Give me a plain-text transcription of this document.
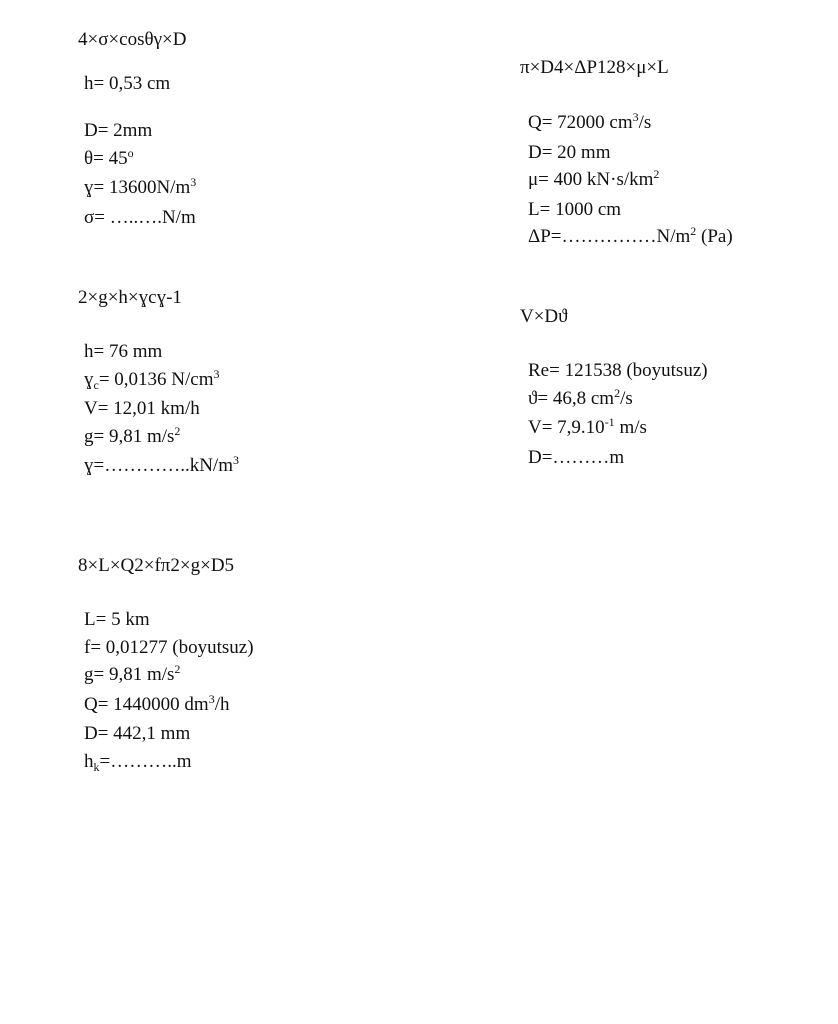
4×σ×cosθγ×D
h= 0,53 cm
D= 2mm
$\theta= 45^o$
ɣ= $13600N/m^3$
σ= …..….N/m
π×D4×ΔP128×μ×L
Q= 72000 $cm^3/s$
D= 20 mm
μ= 400 $kN\cdot s/km^2$
L= 1000 cm
$\Delta P=\dots\dots\dots\dots\dots N/m^2$ (Pa)
2×g×h×ɣcɣ-1
h= 76 mm
ɣ$_c$= 0,0136 $N/cm^3$
V= 12,01 km/h
g= 9,81 $m/s^2$
$ɣ=\dots\dots\dots\dots..kN/m^3$
V×Dϑ
Re= 121538 (boyutsuz)
ϑ= 46,8 $cm^2/s$
$V= 7,9.10^{-1}$ m/s
D=………m
8×L×Q2×fπ2×g×D5
L= 5 km
f= 0,01277 (boyutsuz)
g= 9,81 $m/s^2$
Q= 1440000 $dm^3/h$
D= 442,1 mm
$h_k=\dots\dots\dots..m$
